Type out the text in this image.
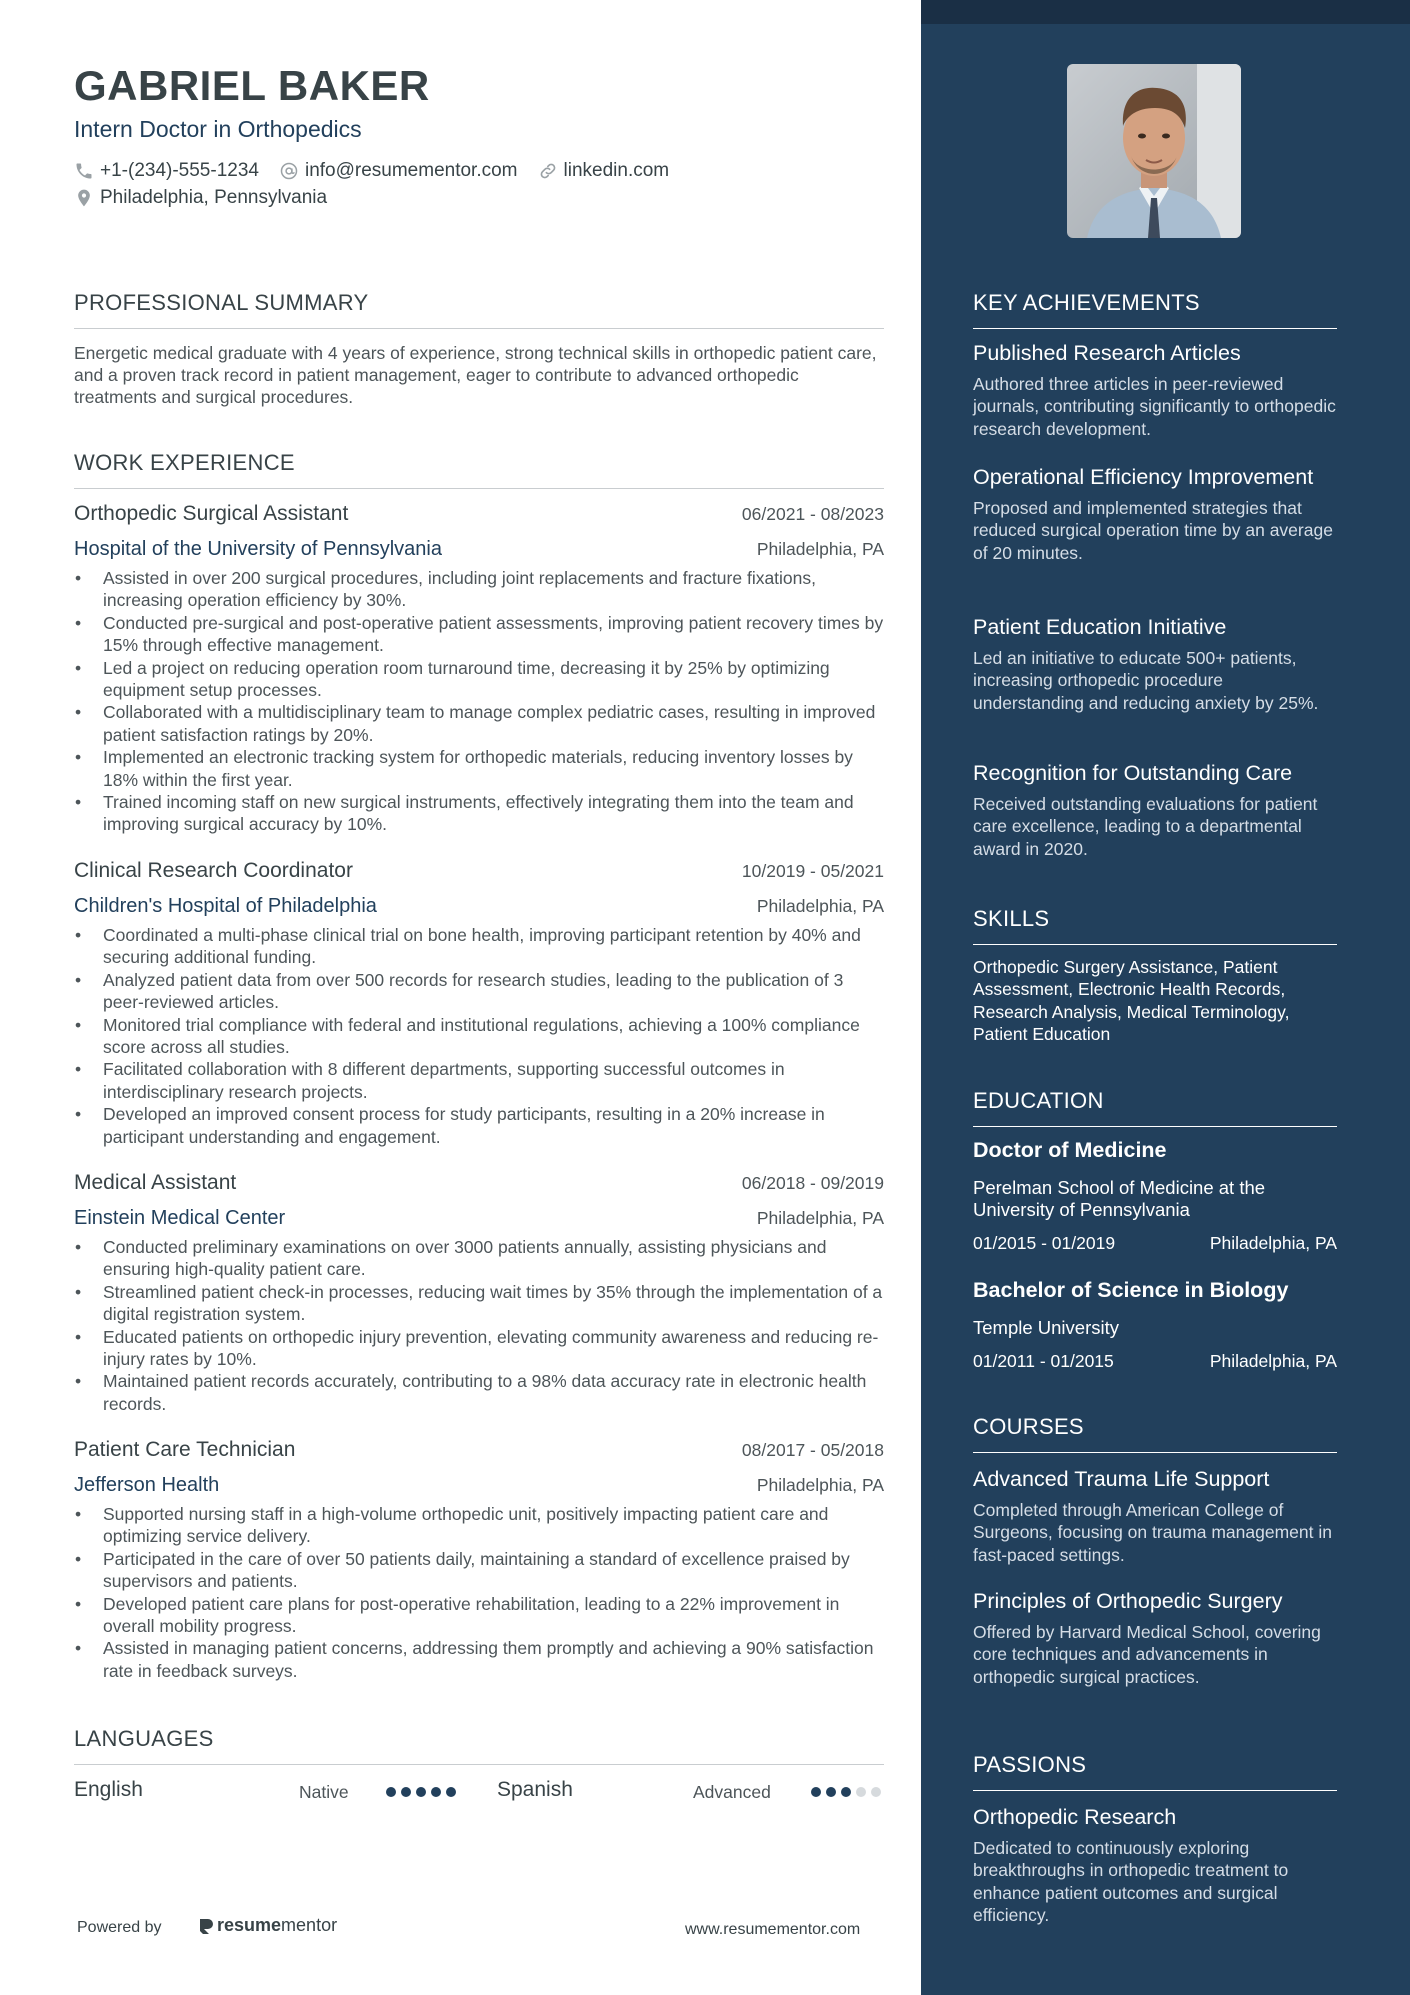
GABRIEL BAKER
Intern Doctor in Orthopedics
+1-(234)-555-1234 info@resumementor.com linkedin.com
Philadelphia, Pennsylvania
PROFESSIONAL SUMMARY
Energetic medical graduate with 4 years of experience, strong technical skills in orthopedic patient care, and a proven track record in patient management, eager to contribute to advanced orthopedic treatments and surgical procedures.
WORK EXPERIENCE
Orthopedic Surgical Assistant	06/2021 - 08/2023
Hospital of the University of Pennsylvania	Philadelphia, PA
• Assisted in over 200 surgical procedures, including joint replacements and fracture fixations, increasing operation efficiency by 30%.
• Conducted pre-surgical and post-operative patient assessments, improving patient recovery times by 15% through effective management.
• Led a project on reducing operation room turnaround time, decreasing it by 25% by optimizing equipment setup processes.
• Collaborated with a multidisciplinary team to manage complex pediatric cases, resulting in improved patient satisfaction ratings by 20%.
• Implemented an electronic tracking system for orthopedic materials, reducing inventory losses by 18% within the first year.
• Trained incoming staff on new surgical instruments, effectively integrating them into the team and improving surgical accuracy by 10%.
Clinical Research Coordinator	10/2019 - 05/2021
Children's Hospital of Philadelphia	Philadelphia, PA
• Coordinated a multi-phase clinical trial on bone health, improving participant retention by 40% and securing additional funding.
• Analyzed patient data from over 500 records for research studies, leading to the publication of 3 peer-reviewed articles.
• Monitored trial compliance with federal and institutional regulations, achieving a 100% compliance score across all studies.
• Facilitated collaboration with 8 different departments, supporting successful outcomes in interdisciplinary research projects.
• Developed an improved consent process for study participants, resulting in a 20% increase in participant understanding and engagement.
Medical Assistant	06/2018 - 09/2019
Einstein Medical Center	Philadelphia, PA
• Conducted preliminary examinations on over 3000 patients annually, assisting physicians and ensuring high-quality patient care.
• Streamlined patient check-in processes, reducing wait times by 35% through the implementation of a digital registration system.
• Educated patients on orthopedic injury prevention, elevating community awareness and reducing re-injury rates by 10%.
• Maintained patient records accurately, contributing to a 98% data accuracy rate in electronic health records.
Patient Care Technician	08/2017 - 05/2018
Jefferson Health	Philadelphia, PA
• Supported nursing staff in a high-volume orthopedic unit, positively impacting patient care and optimizing service delivery.
• Participated in the care of over 50 patients daily, maintaining a standard of excellence praised by supervisors and patients.
• Developed patient care plans for post-operative rehabilitation, leading to a 22% improvement in overall mobility progress.
• Assisted in managing patient concerns, addressing them promptly and achieving a 90% satisfaction rate in feedback surveys.
LANGUAGES
English	Native	Spanish	Advanced
Powered by	resume mentor	www.resumementor.com
KEY ACHIEVEMENTS
Published Research Articles
Authored three articles in peer-reviewed journals, contributing significantly to orthopedic research development.
Operational Efficiency Improvement
Proposed and implemented strategies that reduced surgical operation time by an average of 20 minutes.
Patient Education Initiative
Led an initiative to educate 500+ patients, increasing orthopedic procedure understanding and reducing anxiety by 25%.
Recognition for Outstanding Care
Received outstanding evaluations for patient care excellence, leading to a departmental award in 2020.
SKILLS
Orthopedic Surgery Assistance, Patient Assessment, Electronic Health Records, Research Analysis, Medical Terminology, Patient Education
EDUCATION
Doctor of Medicine
Perelman School of Medicine at the University of Pennsylvania
01/2015 - 01/2019	Philadelphia, PA
Bachelor of Science in Biology
Temple University
01/2011 - 01/2015	Philadelphia, PA
COURSES
Advanced Trauma Life Support
Completed through American College of Surgeons, focusing on trauma management in fast-paced settings.
Principles of Orthopedic Surgery
Offered by Harvard Medical School, covering core techniques and advancements in orthopedic surgical practices.
PASSIONS
Orthopedic Research
Dedicated to continuously exploring breakthroughs in orthopedic treatment to enhance patient outcomes and surgical efficiency.
